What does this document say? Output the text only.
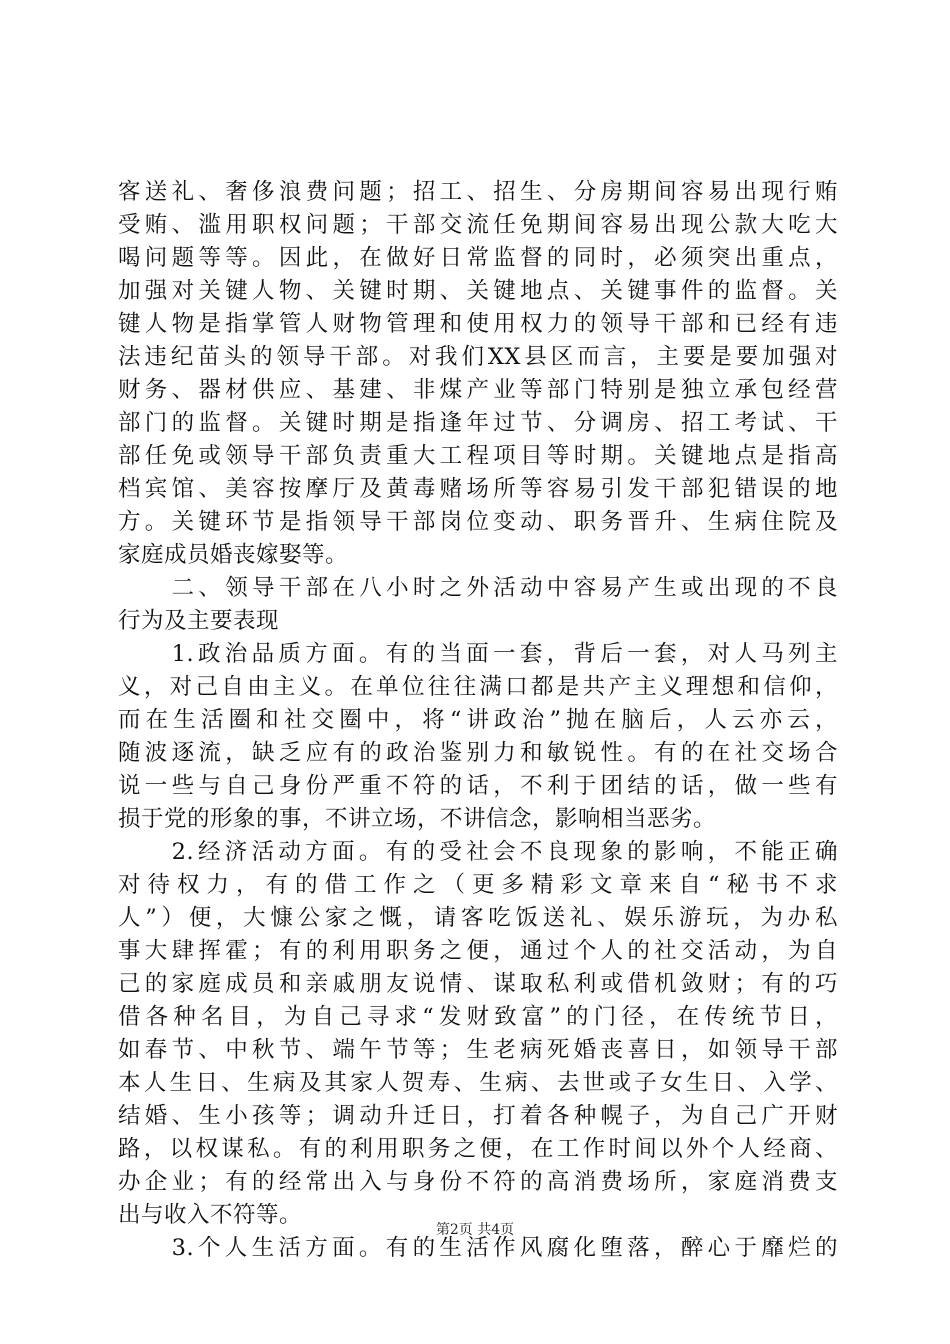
客送礼、奢侈浪费问题；招工、招生、分房期间容易出现行贿
受贿、滥用职权问题；干部交流任免期间容易出现公款大吃大
喝问题等等。因此，在做好日常监督的同时，必须突出重点，
加强对关键人物、关键时期、关键地点、关键事件的监督。关
键人物是指掌管人财物管理和使用权力的领导干部和已经有违
法违纪苗头的领导干部。对我们XX县区而言，主要是要加强对
财务、器材供应、基建、非煤产业等部门特别是独立承包经营
部门的监督。关键时期是指逢年过节、分调房、招工考试、干
部任免或领导干部负责重大工程项目等时期。关键地点是指高
档宾馆、美容按摩厅及黄毒赌场所等容易引发干部犯错误的地
方。关键环节是指领导干部岗位变动、职务晋升、生病住院及
家庭成员婚丧嫁娶等。
　　二、领导干部在八小时之外活动中容易产生或出现的不良
行为及主要表现
　　1.政治品质方面。有的当面一套，背后一套，对人马列主
义，对己自由主义。在单位往往满口都是共产主义理想和信仰，
而在生活圈和社交圈中，将“讲政治”抛在脑后，人云亦云，
随波逐流，缺乏应有的政治鉴别力和敏锐性。有的在社交场合
说一些与自己身份严重不符的话，不利于团结的话，做一些有
损于党的形象的事，不讲立场，不讲信念，影响相当恶劣。
　　2.经济活动方面。有的受社会不良现象的影响，不能正确
对待权力，有的借工作之（更多精彩文章来自“秘书不求
人”）便，大慷公家之慨，请客吃饭送礼、娱乐游玩，为办私
事大肆挥霍；有的利用职务之便，通过个人的社交活动，为自
己的家庭成员和亲戚朋友说情、谋取私利或借机敛财；有的巧
借各种名目，为自己寻求“发财致富”的门径，在传统节日，
如春节、中秋节、端午节等；生老病死婚丧喜日，如领导干部
本人生日、生病及其家人贺寿、生病、去世或子女生日、入学、
结婚、生小孩等；调动升迁日，打着各种幌子，为自己广开财
路，以权谋私。有的利用职务之便，在工作时间以外个人经商、
办企业；有的经常出入与身份不符的高消费场所，家庭消费支
出与收入不符等。
　　3.个人生活方面。有的生活作风腐化堕落，醉心于靡烂的
第2页 共4页
